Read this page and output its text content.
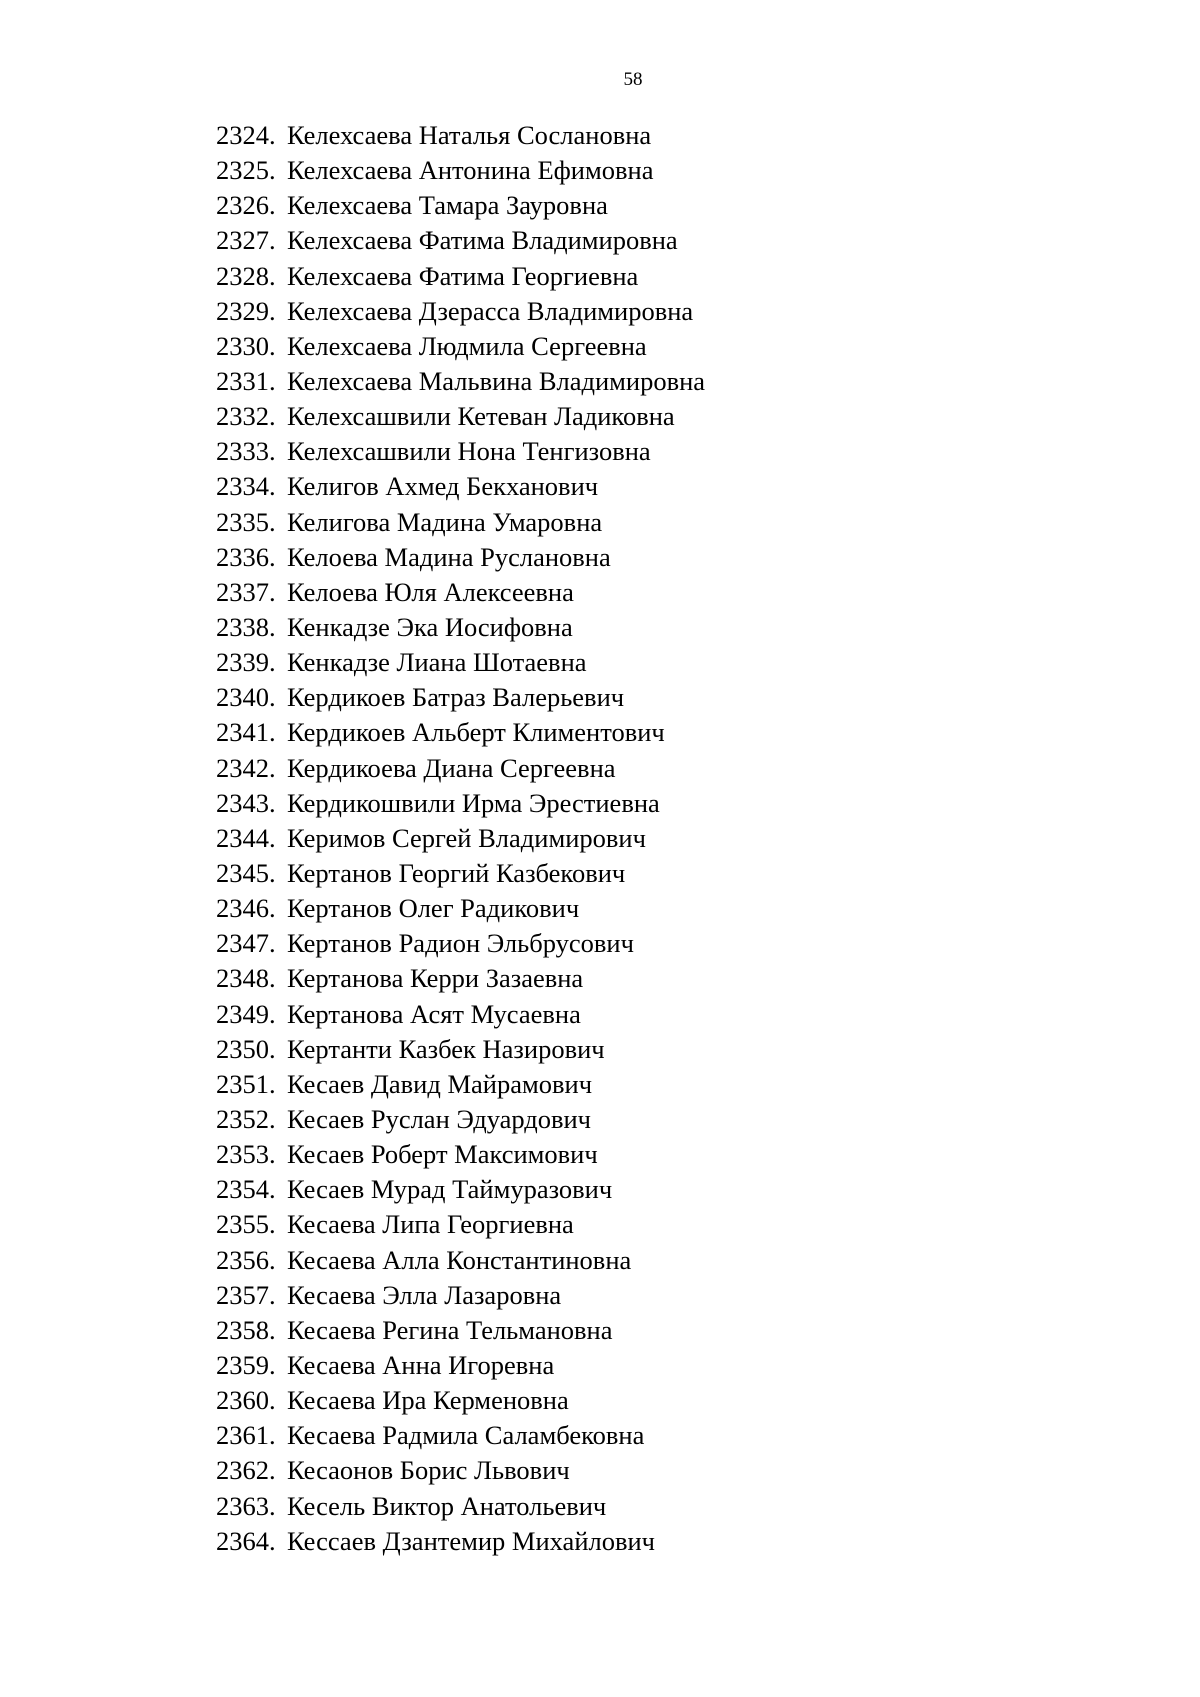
58
2324. Келехсаева Наталья Сослановна
2325. Келехсаева Антонина Ефимовна
2326. Келехсаева Тамара Зауровна
2327. Келехсаева Фатима Владимировна
2328. Келехсаева Фатима Георгиевна
2329. Келехсаева Дзерасса Владимировна
2330. Келехсаева Людмила Сергеевна
2331. Келехсаева Мальвина Владимировна
2332. Келехсашвили Кетеван Ладиковна
2333. Келехсашвили Нона Тенгизовна
2334. Келигов Ахмед Бекханович
2335. Келигова Мадина Умаровна
2336. Келоева Мадина Руслановна
2337. Келоева Юля Алексеевна
2338. Кенкадзе Эка Иосифовна
2339. Кенкадзе Лиана Шотаевна
2340. Кердикоев Батраз Валерьевич
2341. Кердикоев Альберт Климентович
2342. Кердикоева Диана Сергеевна
2343. Кердикошвили Ирма Эрестиевна
2344. Керимов Сергей Владимирович
2345. Кертанов Георгий Казбекович
2346. Кертанов Олег Радикович
2347. Кертанов Радион Эльбрусович
2348. Кертанова Керри Зазаевна
2349. Кертанова Асят Мусаевна
2350. Кертанти Казбек Назирович
2351. Кесаев Давид Майрамович
2352. Кесаев Руслан Эдуардович
2353. Кесаев Роберт Максимович
2354. Кесаев Мурад Таймуразович
2355. Кесаева Липа Георгиевна
2356. Кесаева Алла Константиновна
2357. Кесаева Элла Лазаровна
2358. Кесаева Регина Тельмановна
2359. Кесаева Анна Игоревна
2360. Кесаева Ира Керменовна
2361. Кесаева Радмила Саламбековна
2362. Кесаонов Борис Львович
2363. Кесель Виктор Анатольевич
2364. Кессаев Дзантемир Михайлович
